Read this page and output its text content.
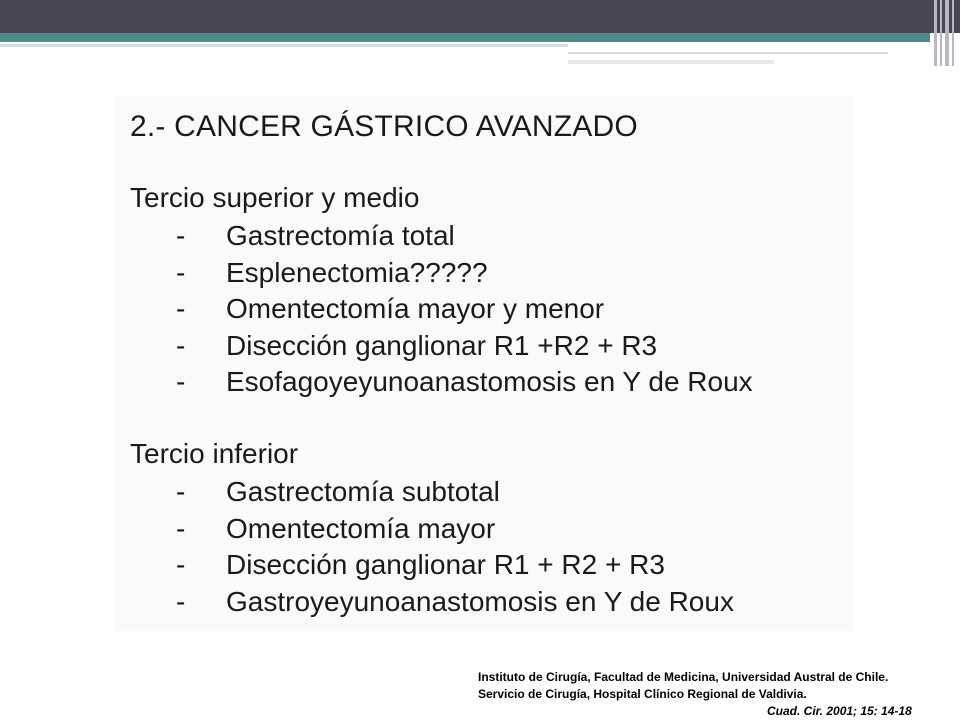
2.- CANCER GÁSTRICO AVANZADO
Tercio superior y medio
- Gastrectomía total
- Esplenectomia?????
- Omentectomía mayor y menor
- Disección ganglionar R1 +R2 + R3
- Esofagoyeyunoanastomosis en Y de Roux
Tercio inferior
- Gastrectomía subtotal
- Omentectomía mayor
- Disección ganglionar R1 + R2 + R3
- Gastroyeyunoanastomosis en Y de Roux
Instituto de Cirugía, Facultad de Medicina, Universidad Austral de Chile.
Servicio de Cirugía, Hospital Clínico Regional de Valdivia.
Cuad. Cir. 2001; 15: 14-18
